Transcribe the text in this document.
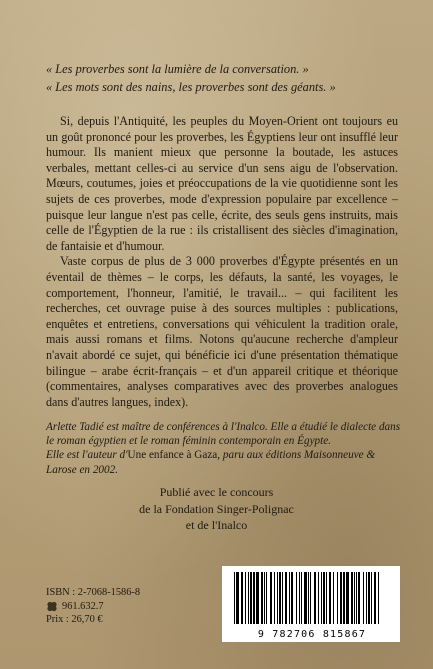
« Les proverbes sont la lumière de la conversation. »

« Les mots sont des nains, les proverbes sont des géants. »

Si, depuis l'Antiquité, les peuples du Moyen-Orient ont toujours eu un goût prononcé pour les proverbes, les Égyptiens leur ont insufflé leur humour. Ils manient mieux que personne la boutade, les astuces verbales, mettant celles-ci au service d'un sens aigu de l'observation. Mœurs, coutumes, joies et préoccupations de la vie quotidienne sont les sujets de ces proverbes, mode d'expression populaire par excellence – puisque leur langue n'est pas celle, écrite, des seuls gens instruits, mais celle de l'Égyptien de la rue : ils cristallisent des siècles d'imagination, de fantaisie et d'humour.

Vaste corpus de plus de 3 000 proverbes d'Égypte présentés en un éventail de thèmes – le corps, les défauts, la santé, les voyages, le comportement, l'honneur, l'amitié, le travail... – qui facilitent les recherches, cet ouvrage puise à des sources multiples : publications, enquêtes et entretiens, conversations qui véhiculent la tradition orale, mais aussi romans et films. Notons qu'aucune recherche d'ampleur n'avait abordé ce sujet, qui bénéficie ici d'une présentation thématique bilingue – arabe écrit-français – et d'un appareil critique et théorique (commentaires, analyses comparatives avec des proverbes analogues dans d'autres langues, index).

Arlette Tadié est maître de conférences à l'Inalco. Elle a étudié le dialecte dans le roman égyptien et le roman féminin contemporain en Égypte.

Elle est l'auteur d'Une enfance à Gaza, paru aux éditions Maisonneuve & Larose en 2002.

Publié avec le concours

de la Fondation Singer-Polignac

et de l'Inalco

ISBN : 2-7068-1586-8
961.632.7
Prix : 26,70 €
9 782706 815867
